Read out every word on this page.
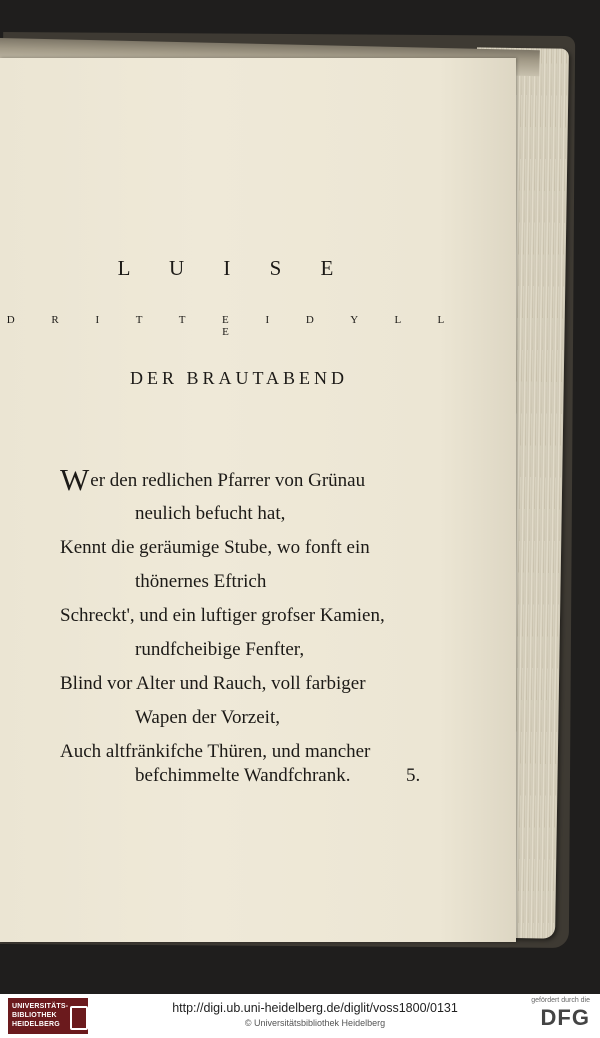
L U I S E
D R I T T E I D Y L L E
DER BRAUTABEND
Wer den redlichen Pfarrer von Grünau
neulich befucht hat,
Kennt die geräumige Stube, wo fonft ein
thönernes Eftrich
Schreckt', und ein luftiger grofser Kamien,
rundfcheibige Fenfter,
Blind vor Alter und Rauch, voll farbiger
Wapen der Vorzeit,
Auch altfränkifche Thüren, und mancher
befchimmelte Wandfchrank.	5.
UNIVERSITÄTS-
BIBLIOTHEK
HEIDELBERG
http://digi.ub.uni-heidelberg.de/diglit/voss1800/0131
© Universitätsbibliothek Heidelberg
gefördert durch die
DFG
